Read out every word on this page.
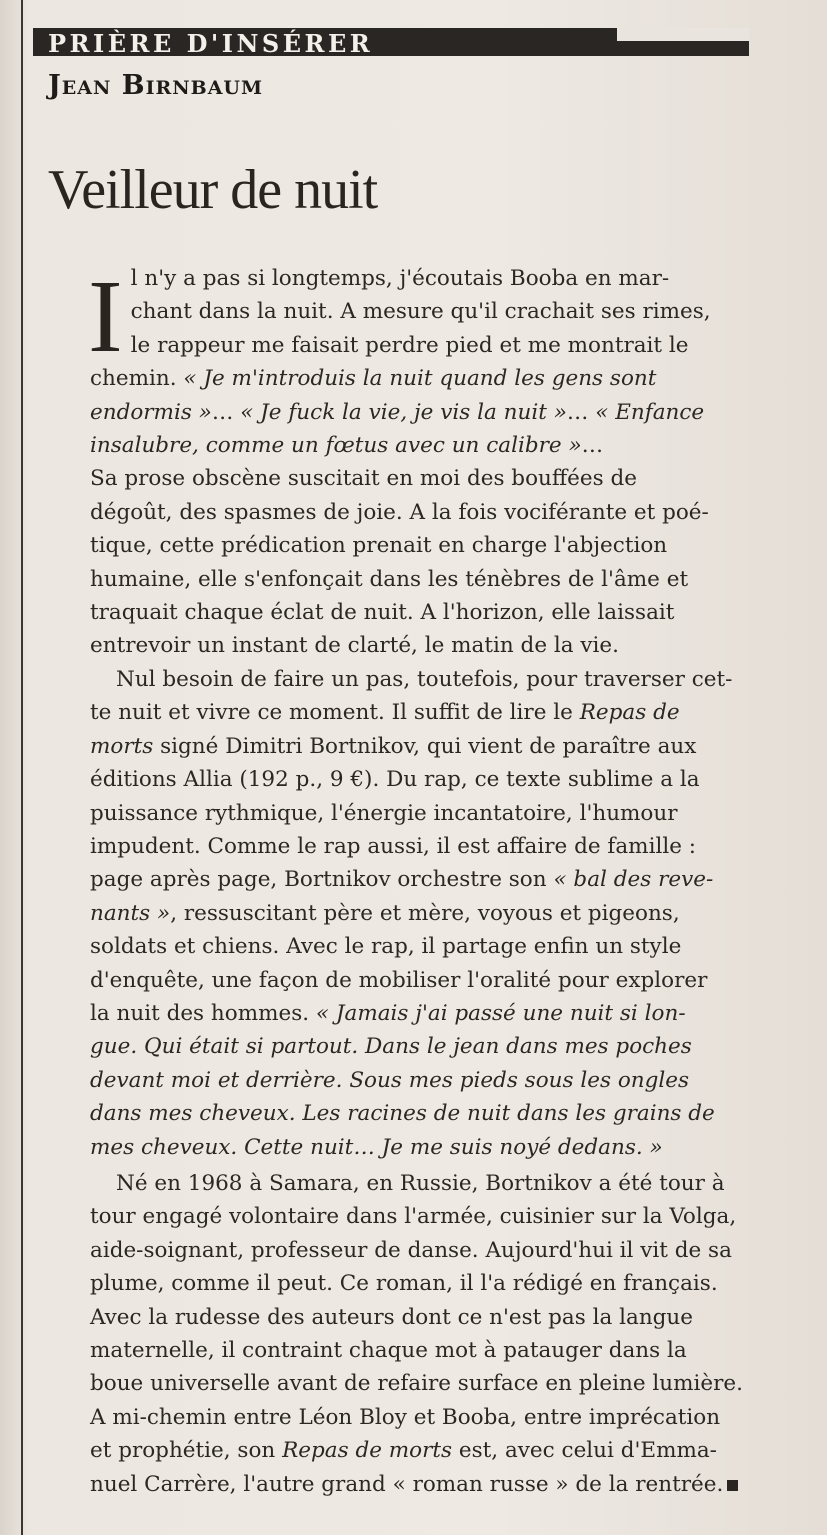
PRIÈRE D'INSÉRER
Jean Birnbaum
Veilleur de nuit

I l n'y a pas si longtemps, j'écoutais Booba en mar-
chant dans la nuit. A mesure qu'il crachait ses rimes,
le rappeur me faisait perdre pied et me montrait le
chemin. « Je m'introduis la nuit quand les gens sont
endormis »… « Je fuck la vie, je vis la nuit »… « Enfance
insalubre, comme un fœtus avec un calibre »…
Sa prose obscène suscitait en moi des bouffées de
dégoût, des spasmes de joie. A la fois vociférante et poé-
tique, cette prédication prenait en charge l'abjection
humaine, elle s'enfonçait dans les ténèbres de l'âme et
traquait chaque éclat de nuit. A l'horizon, elle laissait
entrevoir un instant de clarté, le matin de la vie.

Nul besoin de faire un pas, toutefois, pour traverser cet-
te nuit et vivre ce moment. Il suffit de lire le Repas de
morts signé Dimitri Bortnikov, qui vient de paraître aux
éditions Allia (192 p., 9 €). Du rap, ce texte sublime a la
puissance rythmique, l'énergie incantatoire, l'humour
impudent. Comme le rap aussi, il est affaire de famille :
page après page, Bortnikov orchestre son « bal des reve-
nants », ressuscitant père et mère, voyous et pigeons,
soldats et chiens. Avec le rap, il partage enfin un style
d'enquête, une façon de mobiliser l'oralité pour explorer
la nuit des hommes. « Jamais j'ai passé une nuit si lon-
gue. Qui était si partout. Dans le jean dans mes poches
devant moi et derrière. Sous mes pieds sous les ongles
dans mes cheveux. Les racines de nuit dans les grains de
mes cheveux. Cette nuit… Je me suis noyé dedans. »

Né en 1968 à Samara, en Russie, Bortnikov a été tour à
tour engagé volontaire dans l'armée, cuisinier sur la Volga,
aide-soignant, professeur de danse. Aujourd'hui il vit de sa
plume, comme il peut. Ce roman, il l'a rédigé en français.
Avec la rudesse des auteurs dont ce n'est pas la langue
maternelle, il contraint chaque mot à patauger dans la
boue universelle avant de refaire surface en pleine lumière.
A mi-chemin entre Léon Bloy et Booba, entre imprécation
et prophétie, son Repas de morts est, avec celui d'Emma-
nuel Carrère, l'autre grand « roman russe » de la rentrée.
